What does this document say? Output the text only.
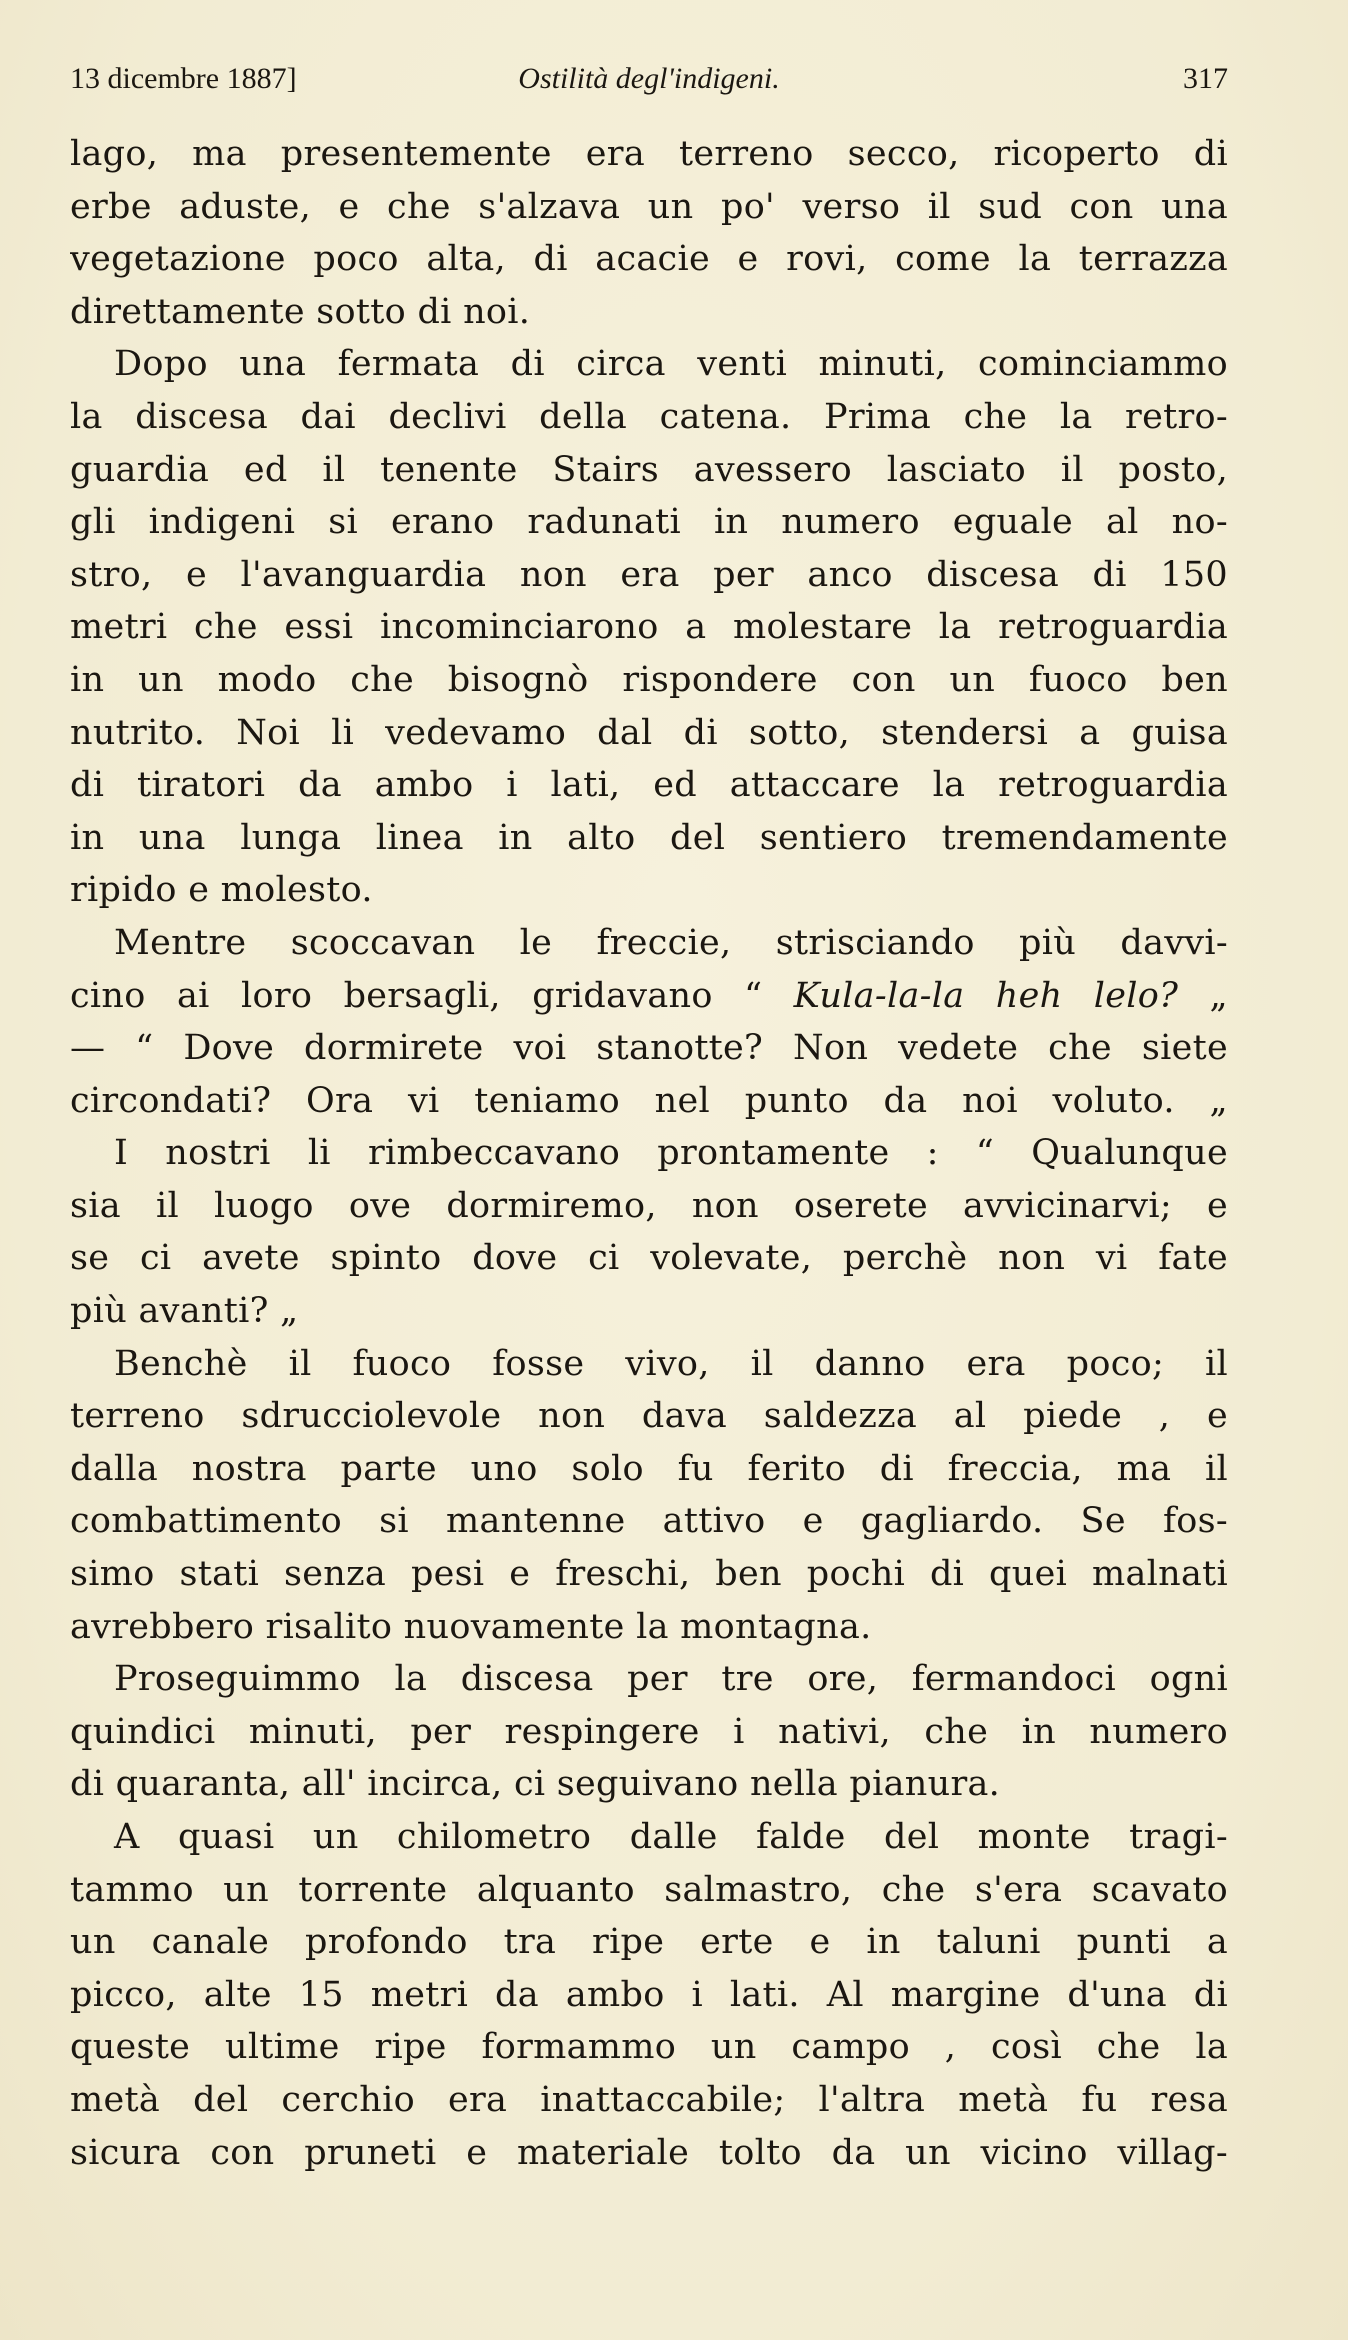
13 dicembre 1887]	Ostilità degl'indigeni.	317
lago, ma presentemente era terreno secco, ricoperto di
erbe aduste, e che s'alzava un po' verso il sud con una
vegetazione poco alta, di acacie e rovi, come la terrazza
direttamente sotto di noi.
Dopo una fermata di circa venti minuti, cominciammo
la discesa dai declivi della catena. Prima che la retro-
guardia ed il tenente Stairs avessero lasciato il posto,
gli indigeni si erano radunati in numero eguale al no-
stro, e l'avanguardia non era per anco discesa di 150
metri che essi incominciarono a molestare la retroguardia
in un modo che bisognò rispondere con un fuoco ben
nutrito. Noi li vedevamo dal di sotto, stendersi a guisa
di tiratori da ambo i lati, ed attaccare la retroguardia
in una lunga linea in alto del sentiero tremendamente
ripido e molesto.
Mentre scoccavan le freccie, strisciando più davvi-
cino ai loro bersagli, gridavano “ Kula-la-la heh lelo? „
— “ Dove dormirete voi stanotte? Non vedete che siete
circondati? Ora vi teniamo nel punto da noi voluto. „
I nostri li rimbeccavano prontamente : “ Qualunque
sia il luogo ove dormiremo, non oserete avvicinarvi; e
se ci avete spinto dove ci volevate, perchè non vi fate
più avanti? „
Benchè il fuoco fosse vivo, il danno era poco; il
terreno sdrucciolevole non dava saldezza al piede , e
dalla nostra parte uno solo fu ferito di freccia, ma il
combattimento si mantenne attivo e gagliardo. Se fos-
simo stati senza pesi e freschi, ben pochi di quei malnati
avrebbero risalito nuovamente la montagna.
Proseguimmo la discesa per tre ore, fermandoci ogni
quindici minuti, per respingere i nativi, che in numero
di quaranta, all' incirca, ci seguivano nella pianura.
A quasi un chilometro dalle falde del monte tragi-
tammo un torrente alquanto salmastro, che s'era scavato
un canale profondo tra ripe erte e in taluni punti a
picco, alte 15 metri da ambo i lati. Al margine d'una di
queste ultime ripe formammo un campo , così che la
metà del cerchio era inattaccabile; l'altra metà fu resa
sicura con pruneti e materiale tolto da un vicino villag-
